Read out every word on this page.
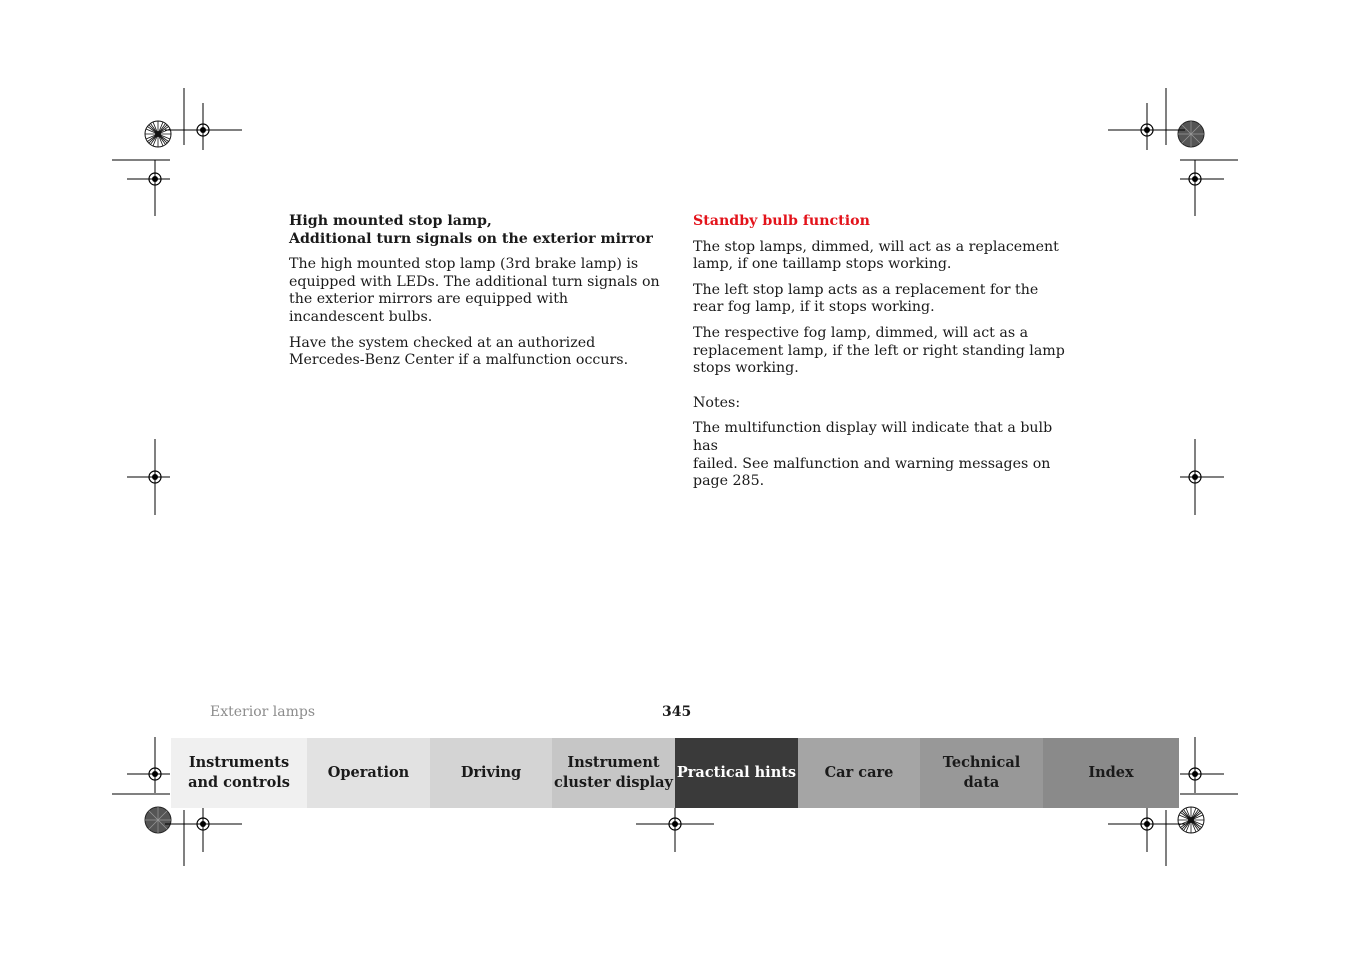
High mounted stop lamp,
Additional turn signals on the exterior mirror

The high mounted stop lamp (3rd brake lamp) is equipped with LEDs. The additional turn signals on the exterior mirrors are equipped with incandescent bulbs.

Have the system checked at an authorized
Mercedes-Benz Center if a malfunction occurs.

Standby bulb function

The stop lamps, dimmed, will act as a replacement lamp, if one taillamp stops working.

The left stop lamp acts as a replacement for the rear fog lamp, if it stops working.

The respective fog lamp, dimmed, will act as a replacement lamp, if the left or right standing lamp stops working.

Notes:

The multifunction display will indicate that a bulb has
failed. See malfunction and warning messages on
page 285.

Exterior lamps	345
Instruments
and controls
Operation	Driving
Instrument
cluster display
Practical hints Car care
Technical
data
Index
